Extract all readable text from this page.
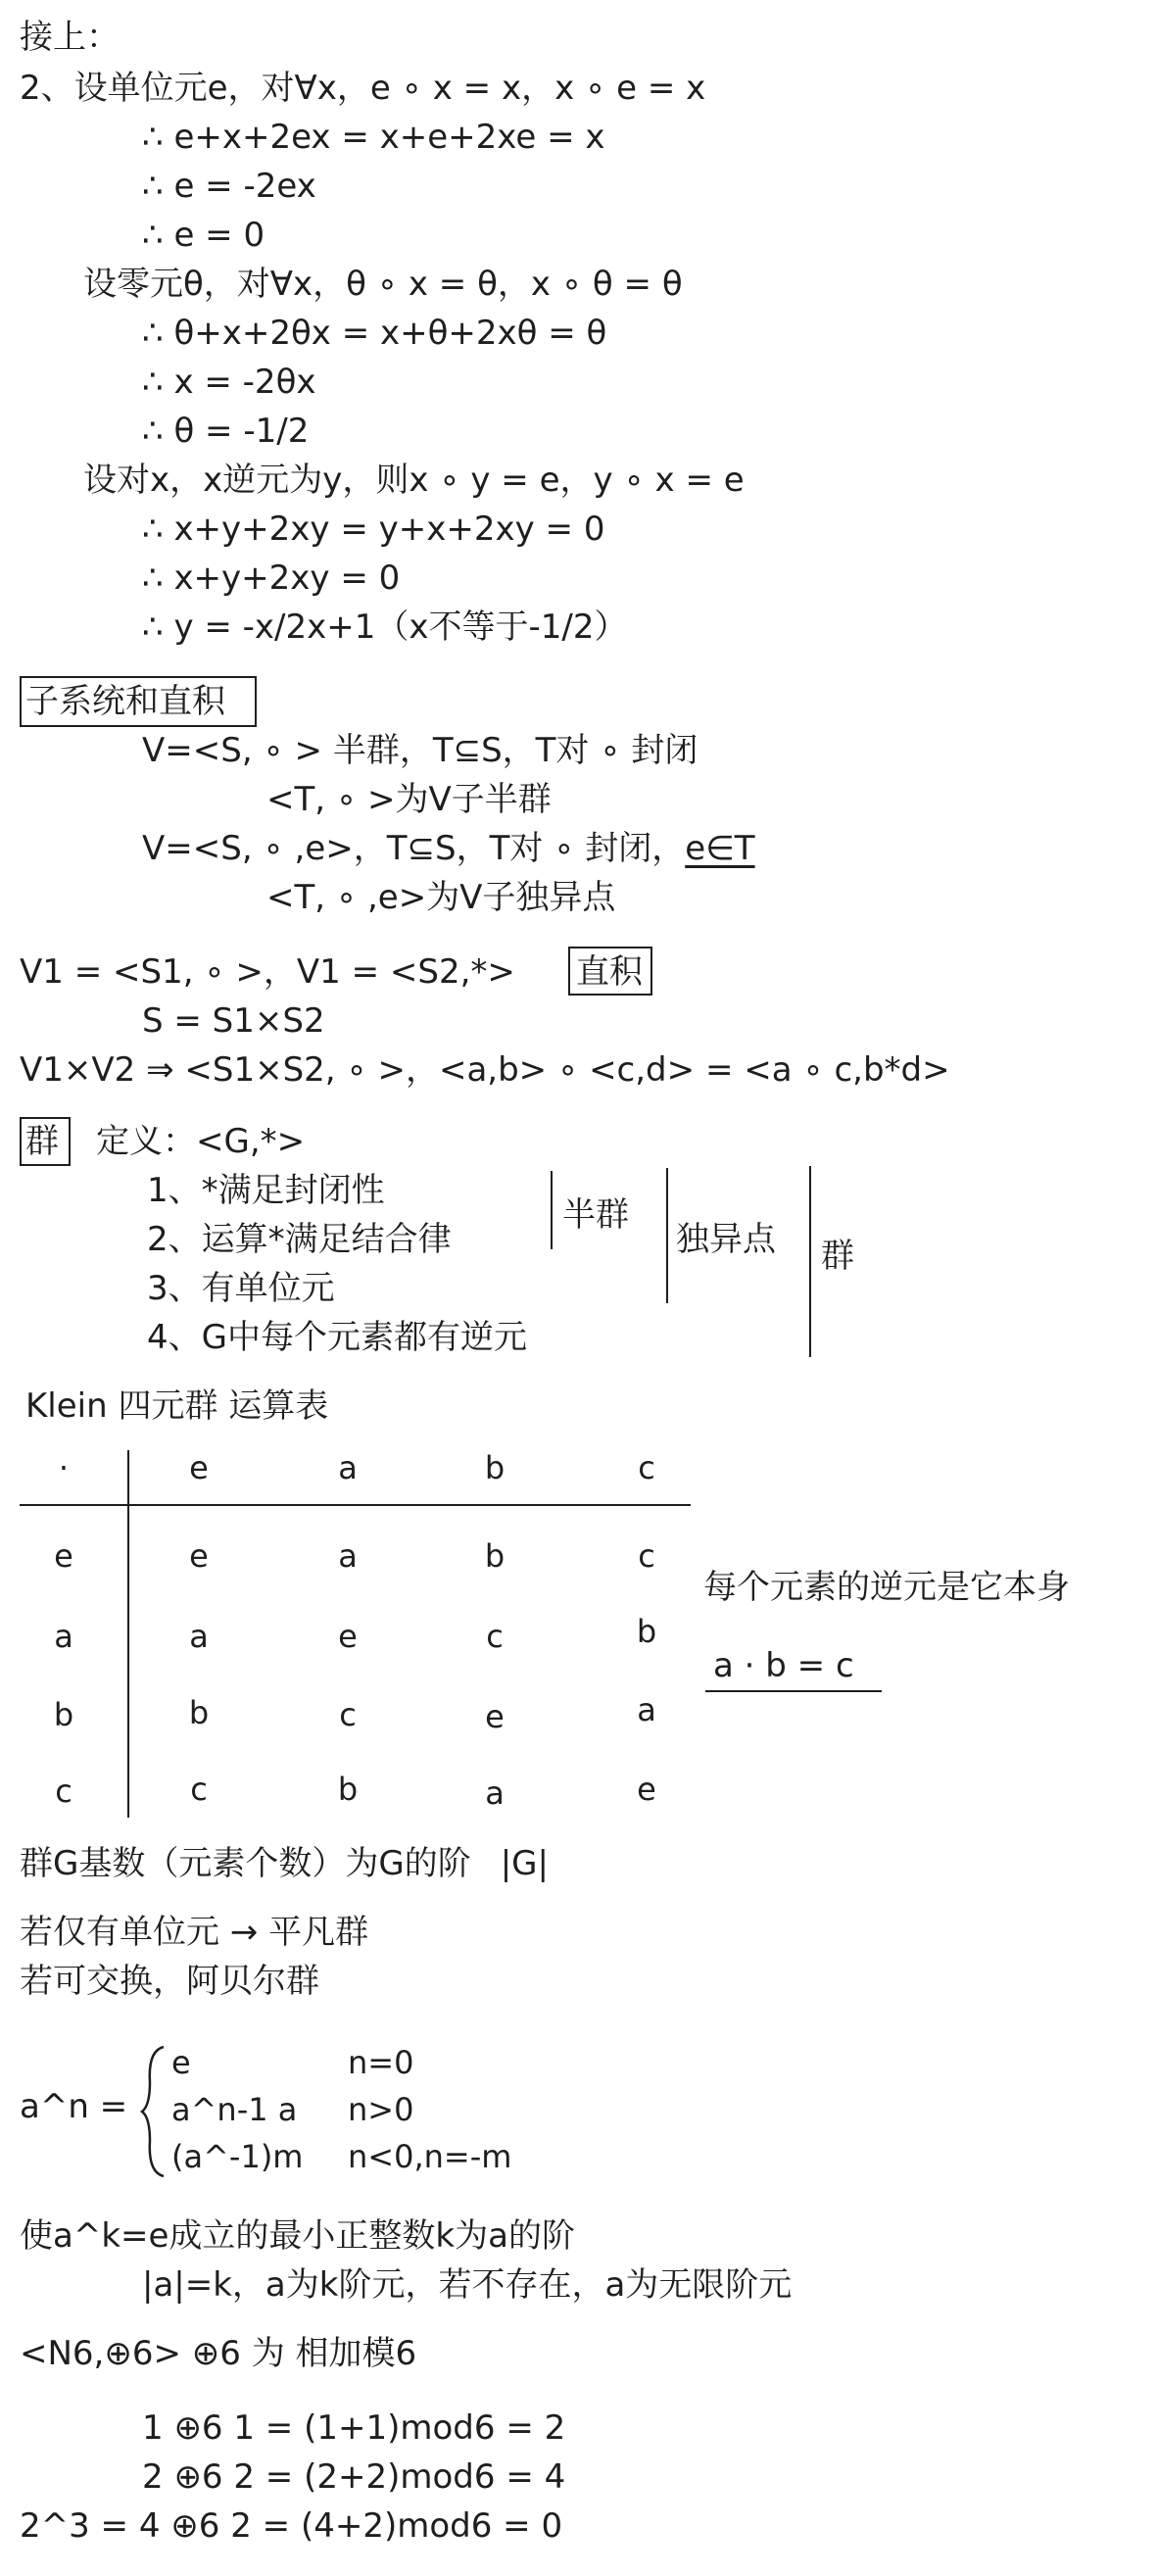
接上：
2、设单位元e，对∀x，e ∘ x = x，x ∘ e = x
∴ e+x+2ex = x+e+2xe = x
∴ e = -2ex
∴ e = 0
设零元θ，对∀x，θ ∘ x = θ，x ∘ θ = θ
∴ θ+x+2θx = x+θ+2xθ = θ
∴ x = -2θx
∴ θ = -1/2
设对x，x逆元为y，则x ∘ y = e，y ∘ x = e
∴ x+y+2xy = y+x+2xy = 0
∴ x+y+2xy = 0
∴ y = -x/2x+1（x不等于-1/2）
子系统和直积
V=<S, ∘ > 半群，T⊆S，T对 ∘ 封闭
<T, ∘ >为V子半群
V=<S, ∘ ,e>，T⊆S，T对 ∘ 封闭，e∈T
<T, ∘ ,e>为V子独异点
V1 = <S1, ∘ >，V1 = <S2,*> 直积
S = S1×S2
V1×V2 ⇒ <S1×S2, ∘ >，<a,b> ∘ <c,d> = <a ∘ c,b*d>
群 定义：<G,*>
1、*满足封闭性
2、运算*满足结合律
3、有单位元
4、G中每个元素都有逆元
半群
独异点 群
Klein 四元群 运算表
·	e	a	b	c
e	e	a	b	c
a	a	e	c	b
b	b	c	e	a
c	c	b	a	e
每个元素的逆元是它本身
a · b = c
群G基数（元素个数）为G的阶 |G|
若仅有单位元 → 平凡群
若可交换，阿贝尔群
a^n =
e	n=0
a^n-1 a n>0
(a^-1)m n<0,n=-m
使a^k=e成立的最小正整数k为a的阶
|a|=k，a为k阶元，若不存在，a为无限阶元
<N6,⊕6> ⊕6 为 相加模6
1 ⊕6 1 = (1+1)mod6 = 2
2 ⊕6 2 = (2+2)mod6 = 4
2^3 = 4 ⊕6 2 = (4+2)mod6 = 0
